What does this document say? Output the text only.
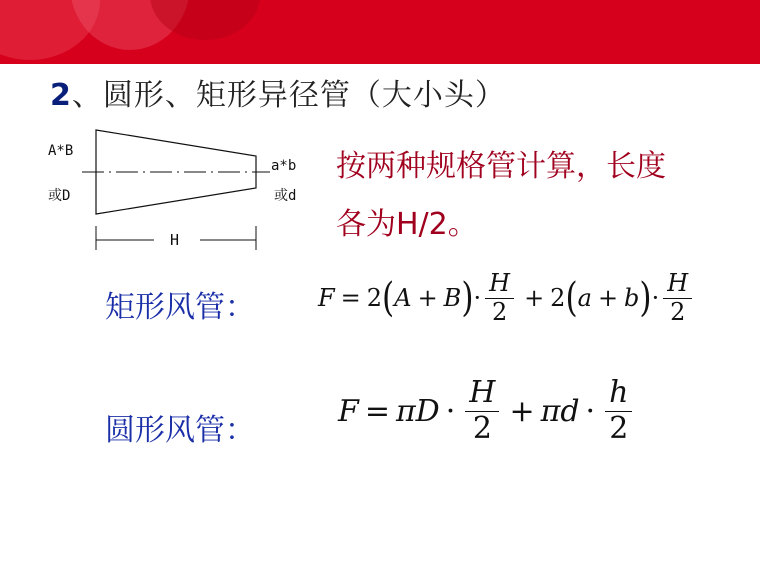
2、圆形、矩形异径管（大小头）
A*B
或D
a*b
或d
H
按两种规格管计算，长度
各为H/2。
矩形风管：	F = 2 ( A + B ) · $\frac{H}{2} + 2$ ( a + b ) · $\frac{H}{2}$
圆形风管：
$F = \pi D \cdot \frac{H}{2} + \pi d \cdot \frac{h}{2}$
